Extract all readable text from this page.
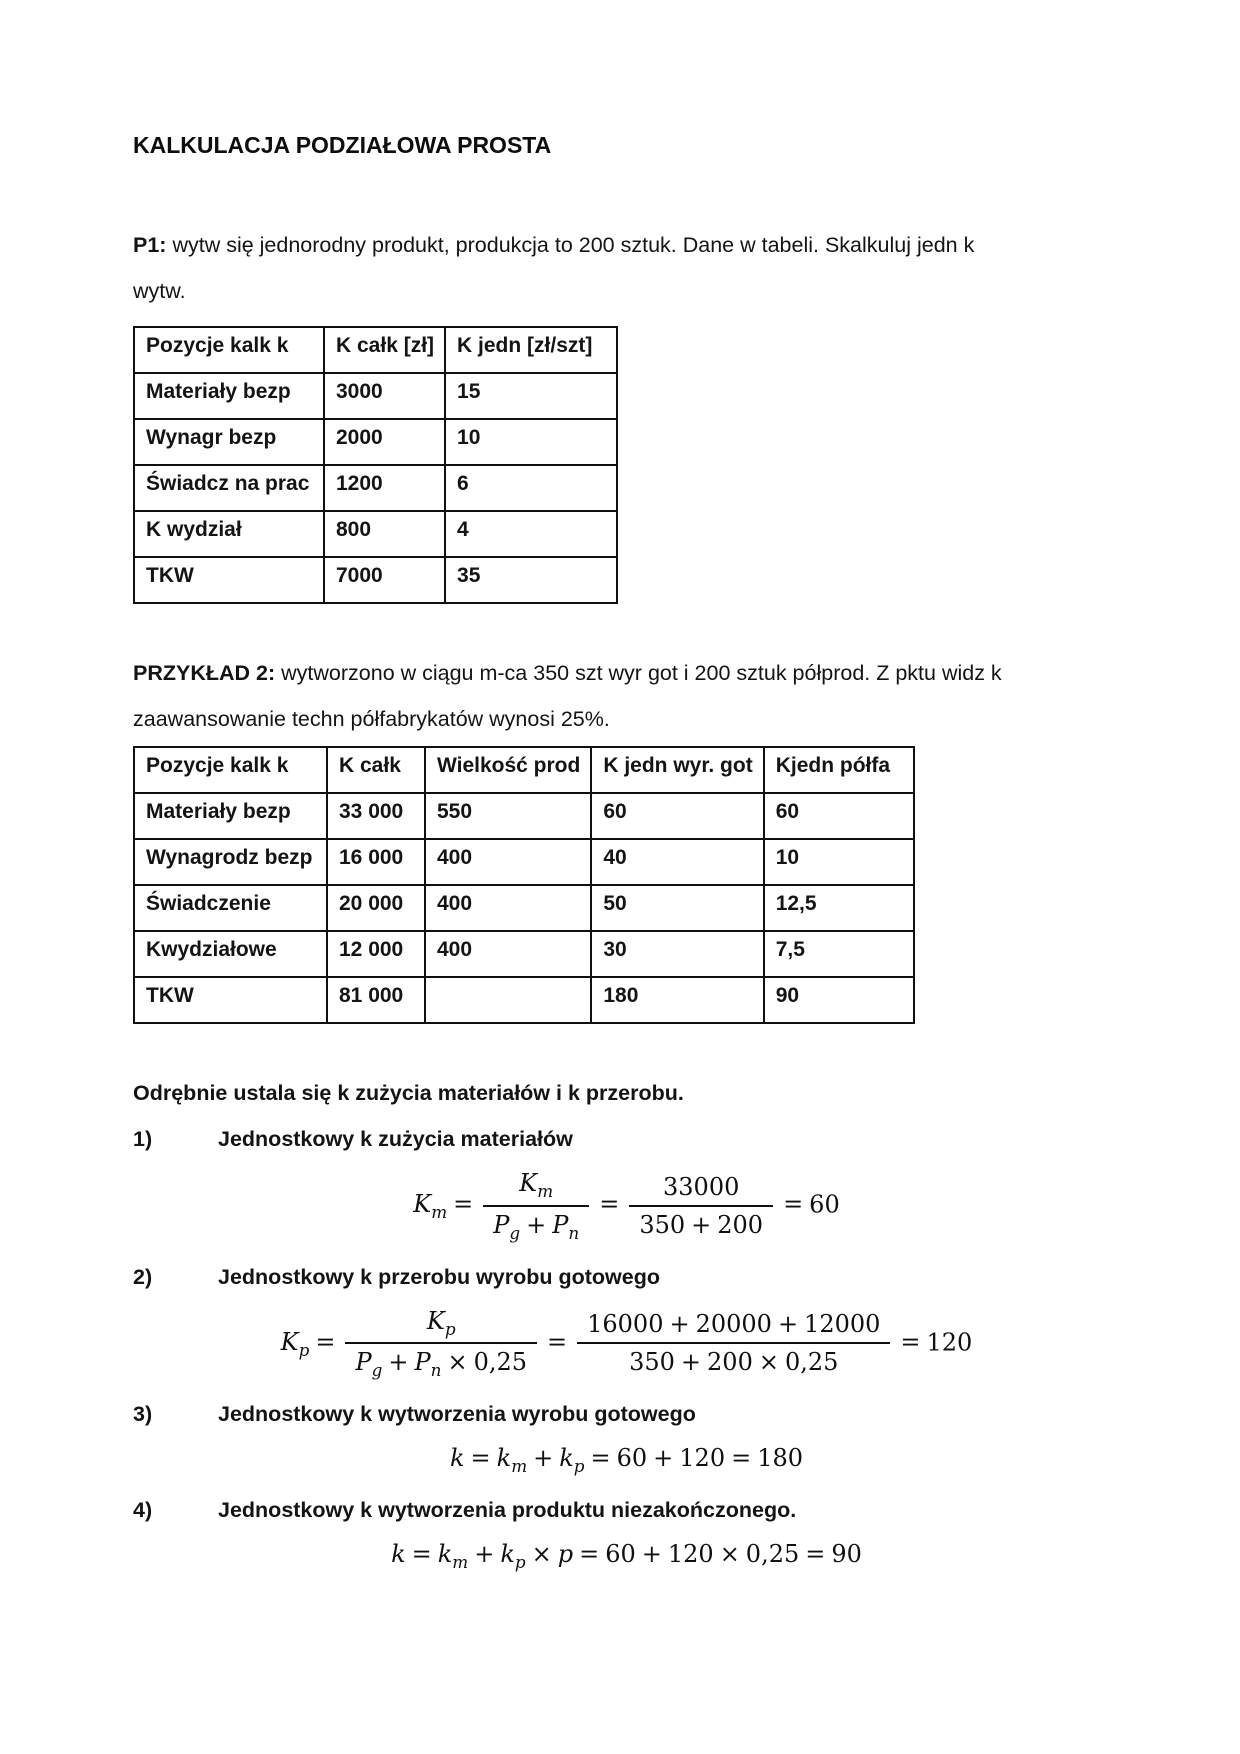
KALKULACJA PODZIAŁOWA PROSTA

P1: wytw się jednorodny produkt, produkcja to 200 sztuk. Dane w tabeli. Skalkuluj jedn k
wytw.

Pozycje kalk k	K całk [zł]	K jedn [zł/szt]
Materiały bezp	3000	15
Wynagr bezp	2000	10
Świadcz na prac	1200	6
K wydział	800	4
TKW	7000	35

PRZYKŁAD 2: wytworzono w ciągu m-ca 350 szt wyr got i 200 sztuk półprod. Z pktu widz k
zaawansowanie techn półfabrykatów wynosi 25%.

Pozycje kalk k	K całk	Wielkość prod	K jedn wyr. got	Kjedn półfa
Materiały bezp	33 000	550	60	60
Wynagrodz bezp	16 000	400	40	10
Świadczenie	20 000	400	50	12,5
Kwydziałowe	12 000	400	30	7,5
TKW	81 000		180	90
Odrębnie ustala się k zużycia materiałów i k przerobu.
1)	Jednostkowy k zużycia materiałów
$K_m = \frac{K_m}{P_g + P_n} = \frac{33000}{350 + 200} = 60$
2)	Jednostkowy k przerobu wyrobu gotowego
$K_p = \frac{K_p}{P_g + P_n \times 0,25} = \frac{16000 + 20000 + 12000}{350 + 200 \times 0,25} = 120$
3)	Jednostkowy k wytworzenia wyrobu gotowego
$k = k_m + k_p = 60 + 120 = 180$
4)	Jednostkowy k wytworzenia produktu niezakończonego.
$k = k_m + k_p \times p = 60 + 120 \times 0,25 = 90$
